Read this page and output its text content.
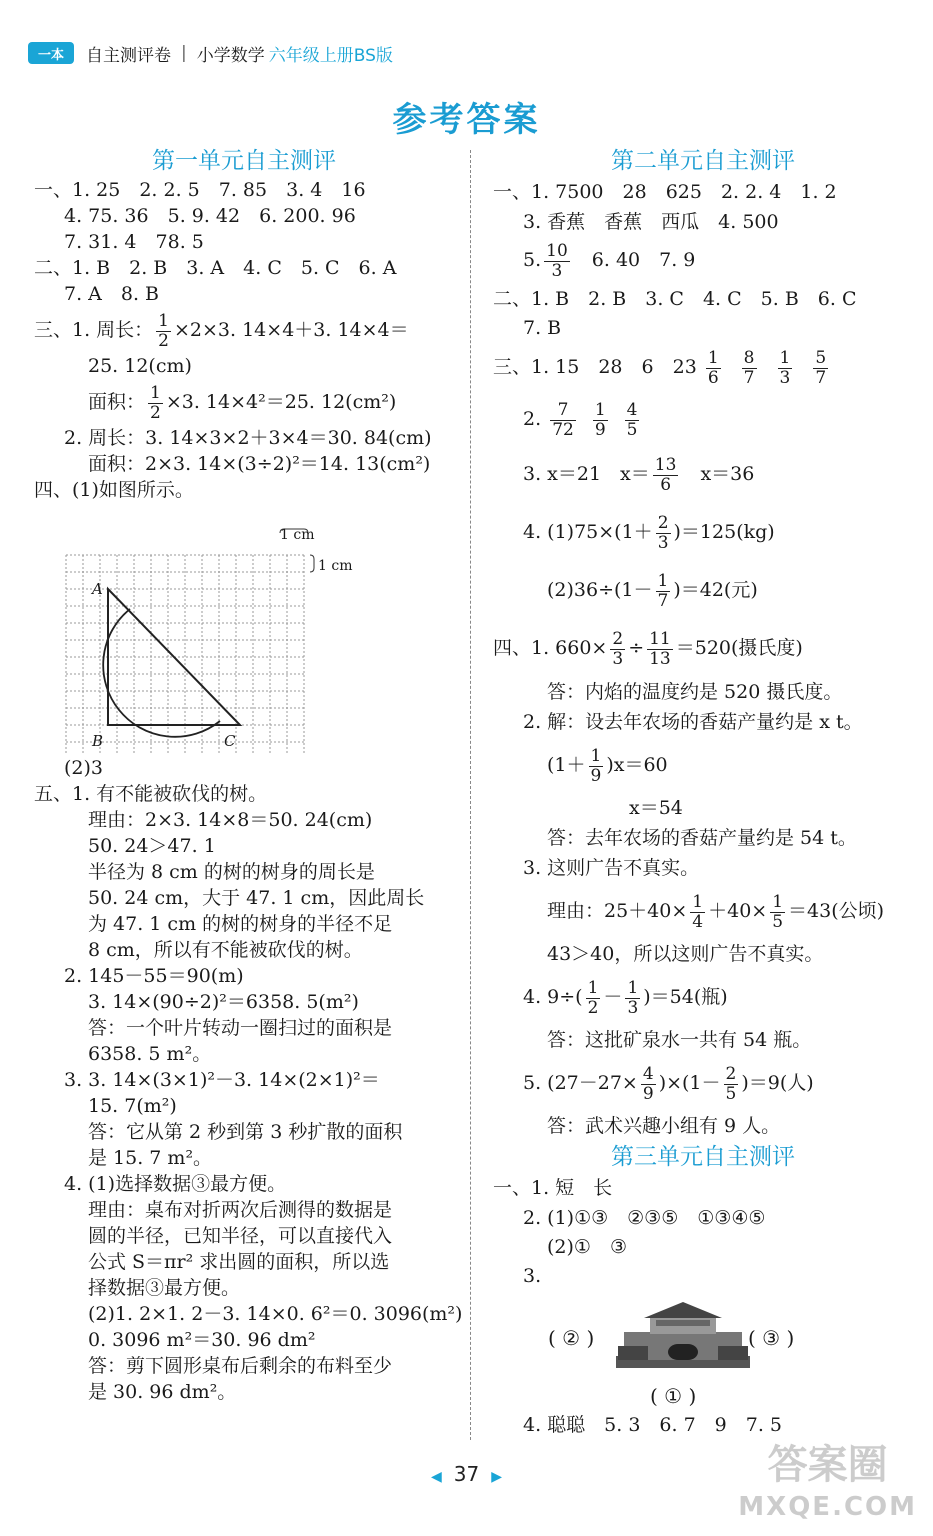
一本	自主测评卷 | 小学数学 六年级上册BS版
参考答案
第一单元自主测评
一、1. 25　2. 2. 5　7. 85　3. 4　16
4. 75. 36　5. 9. 42　6. 200. 96
7. 31. 4　78. 5
二、1. B　2. B　3. A　4. C　5. C　6. A
7. A　8. B
三、1. 周长： $\frac{1}{2} \times 2\times 3$. 14×4＋3. 14×4＝
25. 12(cm)
面积： $\frac{1}{2} \times 3$. 14×4²＝25. 12(cm²)
2. 周长：3. 14×3×2＋3×4＝30. 84(cm)
面积：2×3. 14×(3÷2)²＝14. 13(cm²)
四、(1)如图所示。
(2)3
五、1. 有不能被砍伐的树。
理由：2×3. 14×8＝50. 24(cm)
50. 24＞47. 1
半径为 8 cm 的树的树身的周长是
50. 24 cm，大于 47. 1 cm，因此周长
为 47. 1 cm 的树的树身的半径不足
8 cm，所以有不能被砍伐的树。
2. 145－55＝90(m)
3. 14×(90÷2)²＝6358. 5(m²)
答：一个叶片转动一圈扫过的面积是
6358. 5 m²。
3. 3. 14×(3×1)²－3. 14×(2×1)²＝
15. 7(m²)
答：它从第 2 秒到第 3 秒扩散的面积
是 15. 7 m²。
4. (1)选择数据③最方便。
理由：桌布对折两次后测得的数据是
圆的半径，已知半径，可以直接代入
公式 S＝πr² 求出圆的面积，所以选
择数据③最方便。
(2)1. 2×1. 2－3. 14×0. 6²＝0. 3096(m²)
0. 3096 m²＝30. 96 dm²
答：剪下圆形桌布后剩余的布料至少
是 30. 96 dm²。
1 cm
1 cm
A
B	C
第二单元自主测评
一、1. 7500　28　625　2. 2. 4　1. 2
3. 香蕉　香蕉　西瓜　4. 500
5. $\frac{10}{3}$
　 6. 40　7. 9
二、1. B　2. B　3. C　4. C　5. B　6. C
7. B
三、1. 15　28　6　$23 \frac{1}{6} \frac{8}{7} \frac{1}{3} \frac{5}{7}$
2. $\frac{7}{72} \frac{1}{9} \frac{4}{5}$
3. x＝21　$x= \frac{13}{6}$
　 x＝36
4. $(1)75\times(1+ \frac{2}{3} )=125(kg)$
$(2)36\div(1- \frac{1}{7} )=42$(元)
四、1. $660\times \frac{2}{3} \div \frac{11}{13} =520$(摄氏度)
答：内焰的温度约是 520 摄氏度。
2. 解：设去年农场的香菇产量约是 x t。
$(1+ \frac{1}{9} )x=60$
x＝54
答：去年农场的香菇产量约是 54 t。
3. 这则广告不真实。
理由：$25+40\times \frac{1}{4} +40\times \frac{1}{5} =43$(公顷)
43＞40，所以这则广告不真实。
4. $9\div( \frac{1}{2} - \frac{1}{3} )=54$(瓶)
答：这批矿泉水一共有 54 瓶。
5. $(27-27\times \frac{4}{9} )\times(1- \frac{2}{5} )=9$(人)
答：武术兴趣小组有 9 人。
第三单元自主测评
一、1. 短　长
2. (1)①③　②③⑤　①③④⑤
(2)①　③
3.
( ② )	( ③ )
( ① )
4. 聪聪　5. 3　6. 7　9　7. 5
◀ 37 ▶	答案圈
MXQE.COM
